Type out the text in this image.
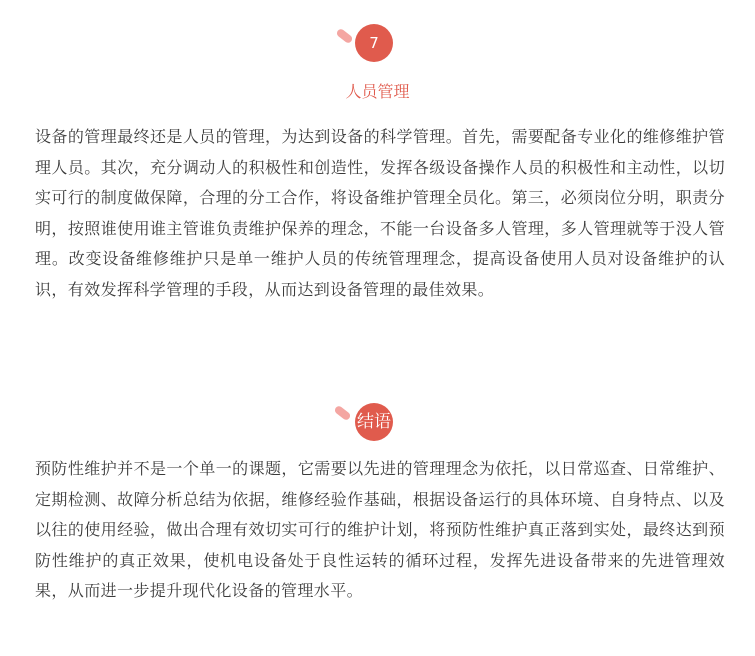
7
人员管理

设备的管理最终还是人员的管理，为达到设备的科学管理。首先，需要配备专业化的维修维护管理人员。其次，充分调动人的积极性和创造性，发挥各级设备操作人员的积极性和主动性，以切实可行的制度做保障，合理的分工合作，将设备维护管理全员化。第三，必须岗位分明，职责分明，按照谁使用谁主管谁负责维护保养的理念，不能一台设备多人管理，多人管理就等于没人管理。改变设备维修维护只是单一维护人员的传统管理理念，提高设备使用人员对设备维护的认识，有效发挥科学管理的手段，从而达到设备管理的最佳效果。

结语

预防性维护并不是一个单一的课题，它需要以先进的管理理念为依托，以日常巡查、日常维护、定期检测、故障分析总结为依据，维修经验作基础，根据设备运行的具体环境、自身特点、以及以往的使用经验，做出合理有效切实可行的维护计划，将预防性维护真正落到实处，最终达到预防性维护的真正效果，使机电设备处于良性运转的循环过程，发挥先进设备带来的先进管理效果，从而进一步提升现代化设备的管理水平。
